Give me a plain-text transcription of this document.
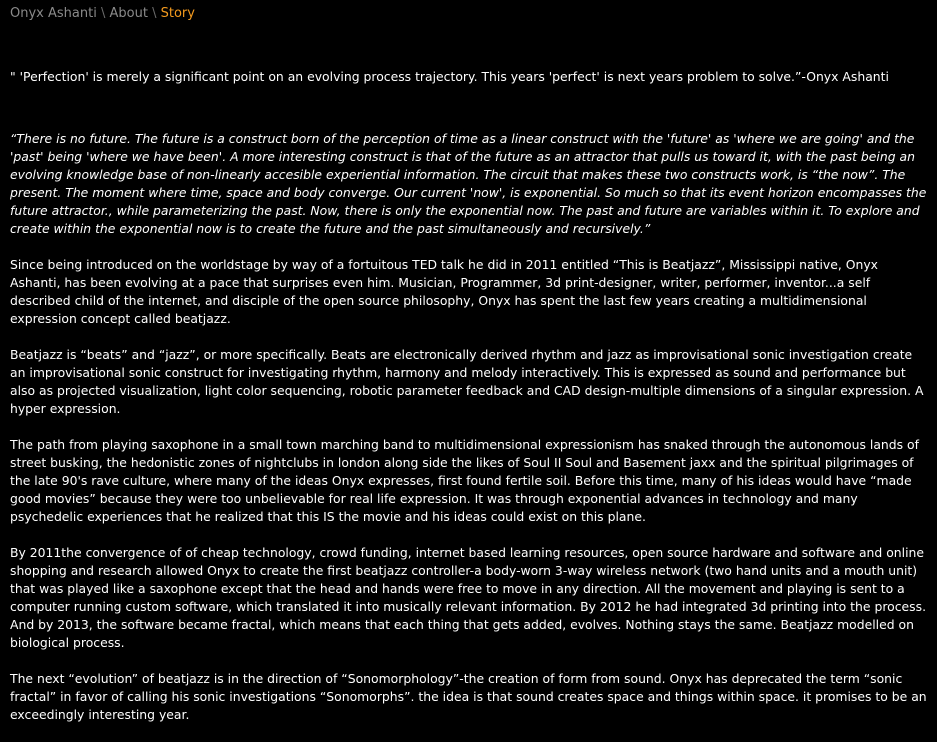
Onyx Ashanti \ About \ Story

" 'Perfection' is merely a significant point on an evolving process trajectory. This years 'perfect' is next years problem to solve.”-Onyx Ashanti

“There is no future. The future is a construct born of the perception of time as a linear construct with the 'future' as 'where we are going' and the 'past' being 'where we have been'. A more interesting construct is that of the future as an attractor that pulls us toward it, with the past being an evolving knowledge base of non-linearly accesible experiential information. The circuit that makes these two constructs work, is “the now”. The present. The moment where time, space and body converge. Our current 'now', is exponential. So much so that its event horizon encompasses the future attractor., while parameterizing the past. Now, there is only the exponential now. The past and future are variables within it. To explore and create within the exponential now is to create the future and the past simultaneously and recursively.”

Since being introduced on the worldstage by way of a fortuitous TED talk he did in 2011 entitled “This is Beatjazz”, Mississippi native, Onyx Ashanti, has been evolving at a pace that surprises even him. Musician, Programmer, 3d print-designer, writer, performer, inventor...a self described child of the internet, and disciple of the open source philosophy, Onyx has spent the last few years creating a multidimensional expression concept called beatjazz.

Beatjazz is “beats” and “jazz”, or more specifically. Beats are electronically derived rhythm and jazz as improvisational sonic investigation create an improvisational sonic construct for investigating rhythm, harmony and melody interactively. This is expressed as sound and performance but also as projected visualization, light color sequencing, robotic parameter feedback and CAD design-multiple dimensions of a singular expression. A hyper expression.

The path from playing saxophone in a small town marching band to multidimensional expressionism has snaked through the autonomous lands of street busking, the hedonistic zones of nightclubs in london along side the likes of Soul II Soul and Basement jaxx and the spiritual pilgrimages of the late 90's rave culture, where many of the ideas Onyx expresses, first found fertile soil. Before this time, many of his ideas would have “made good movies” because they were too unbelievable for real life expression. It was through exponential advances in technology and many psychedelic experiences that he realized that this IS the movie and his ideas could exist on this plane.

By 2011the convergence of of cheap technology, crowd funding, internet based learning resources, open source hardware and software and online shopping and research allowed Onyx to create the first beatjazz controller-a body-worn 3-way wireless network (two hand units and a mouth unit) that was played like a saxophone except that the head and hands were free to move in any direction. All the movement and playing is sent to a computer running custom software, which translated it into musically relevant information. By 2012 he had integrated 3d printing into the process. And by 2013, the software became fractal, which means that each thing that gets added, evolves. Nothing stays the same. Beatjazz modelled on biological process.

The next “evolution” of beatjazz is in the direction of “Sonomorphology”-the creation of form from sound. Onyx has deprecated the term “sonic fractal” in favor of calling his sonic investigations “Sonomorphs”. the idea is that sound creates space and things within space. it promises to be an exceedingly interesting year.
